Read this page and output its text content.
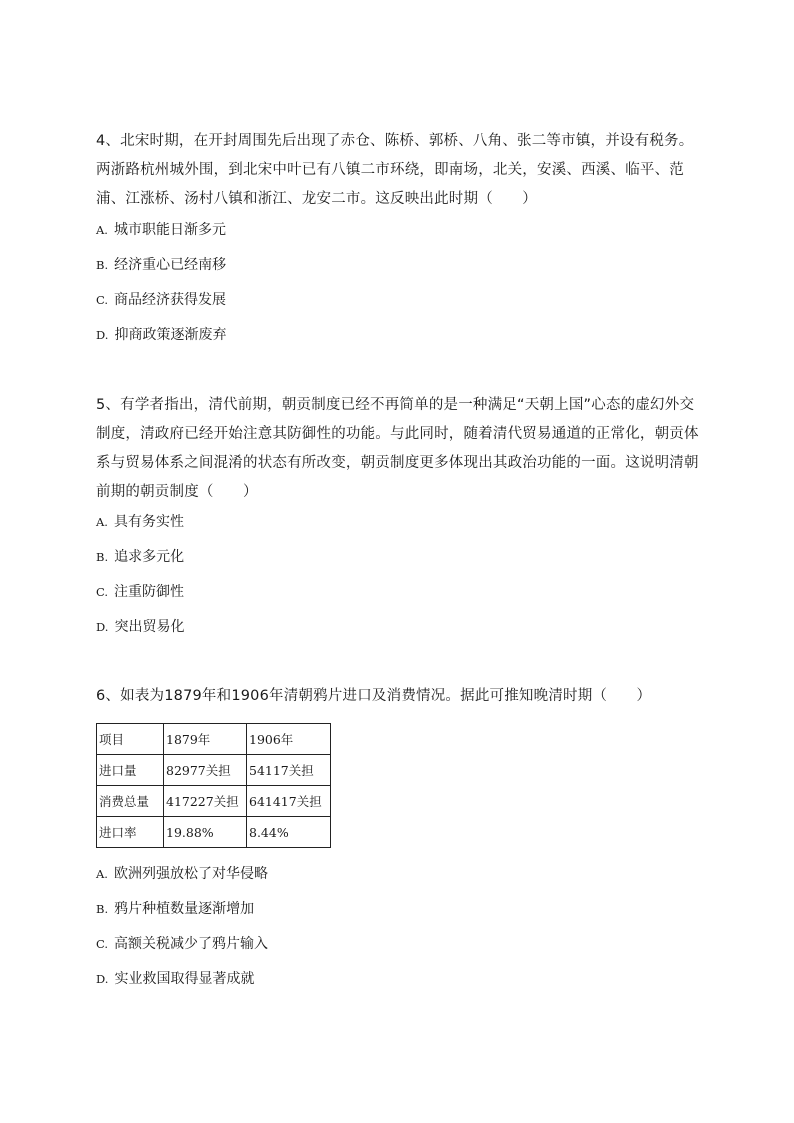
4、北宋时期，在开封周围先后出现了赤仓、陈桥、郭桥、八角、张二等市镇，并设有税务。两浙路杭州城外围，到北宋中叶已有八镇二市环绕，即南场，北关，安溪、西溪、临平、范浦、江涨桥、汤村八镇和浙江、龙安二市。这反映出此时期（　　）

A. 城市职能日渐多元
B. 经济重心已经南移
C. 商品经济获得发展
D. 抑商政策逐渐废弃

5、有学者指出，清代前期，朝贡制度已经不再简单的是一种满足“天朝上国”心态的虚幻外交制度，清政府已经开始注意其防御性的功能。与此同时，随着清代贸易通道的正常化，朝贡体系与贸易体系之间混淆的状态有所改变，朝贡制度更多体现出其政治功能的一面。这说明清朝前期的朝贡制度（　　）

A. 具有务实性
B. 追求多元化
C. 注重防御性
D. 突出贸易化

6、如表为1879年和1906年清朝鸦片进口及消费情况。据此可推知晚清时期（　　）

项目	1879年	1906年
进口量	82977关担	54117关担
消费总量	417227关担	641417关担
进口率	19.88%	8.44%
A. 欧洲列强放松了对华侵略
B. 鸦片种植数量逐渐增加
C. 高额关税减少了鸦片输入
D. 实业救国取得显著成就
